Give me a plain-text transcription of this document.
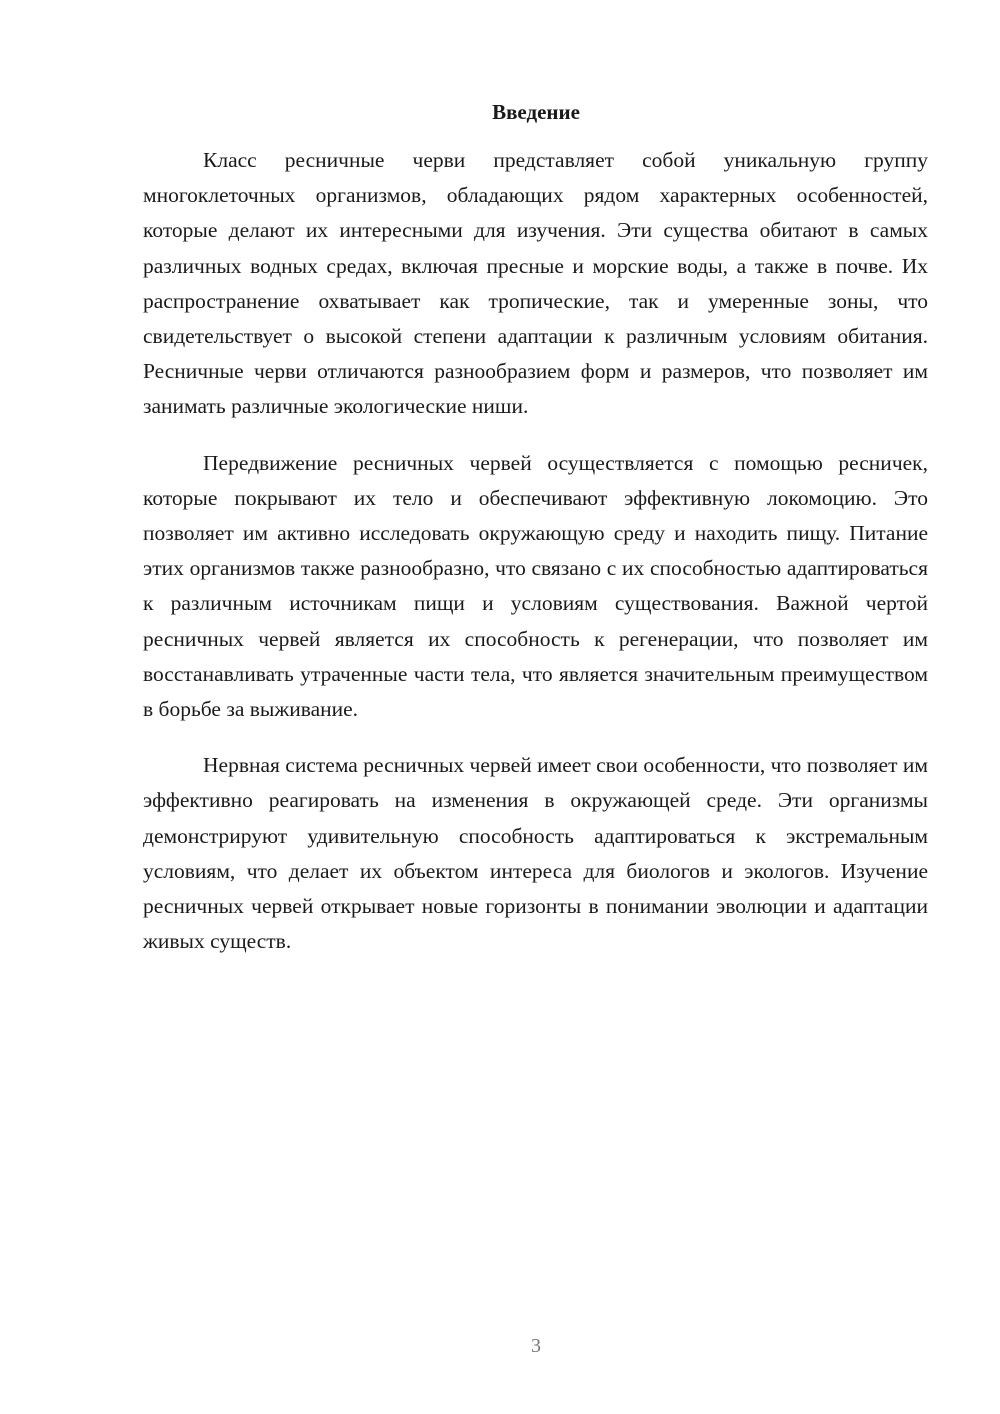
Введение

Класс ресничные черви представляет собой уникальную группу многоклеточных организмов, обладающих рядом характерных особенностей, которые делают их интересными для изучения. Эти существа обитают в самых различных водных средах, включая пресные и морские воды, а также в почве. Их распространение охватывает как тропические, так и умеренные зоны, что свидетельствует о высокой степени адаптации к различным условиям обитания. Ресничные черви отличаются разнообразием форм и размеров, что позволяет им занимать различные экологические ниши.

Передвижение ресничных червей осуществляется с помощью ресничек, которые покрывают их тело и обеспечивают эффективную локомоцию. Это позволяет им активно исследовать окружающую среду и находить пищу. Питание этих организмов также разнообразно, что связано с их способностью адаптироваться к различным источникам пищи и условиям существования. Важной чертой ресничных червей является их способность к регенерации, что позволяет им восстанавливать утраченные части тела, что является значительным преимуществом в борьбе за выживание.

Нервная система ресничных червей имеет свои особенности, что позволяет им эффективно реагировать на изменения в окружающей среде. Эти организмы демонстрируют удивительную способность адаптироваться к экстремальным условиям, что делает их объектом интереса для биологов и экологов. Изучение ресничных червей открывает новые горизонты в понимании эволюции и адаптации живых существ.

3
